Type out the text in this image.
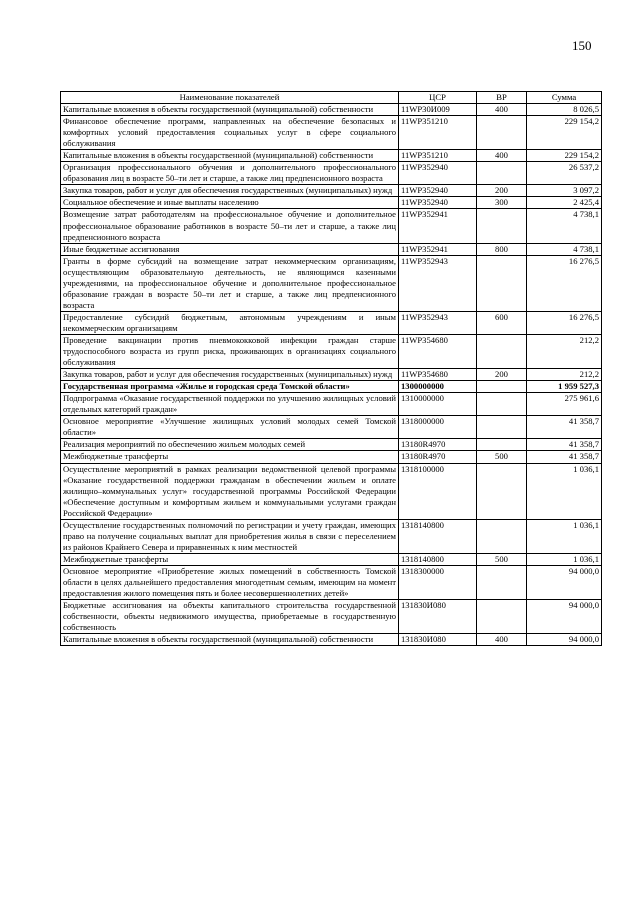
150
Наименование показателей	ЦСР	ВР	Сумма
Капитальные вложения в объекты государственной (муниципальной) собственности	11WP30И009	400	8 026,5
Финансовое обеспечение программ, направленных на обеспечение безопасных и комфортных условий предоставления социальных услуг в сфере социального обслуживания	11WP351210		229 154,2
Капитальные вложения в объекты государственной (муниципальной) собственности	11WP351210	400	229 154,2
Организация профессионального обучения и дополнительного профессионального образования лиц в возрасте 50–ти лет и старше, а также лиц предпенсионного возраста	11WP352940		26 537,2
Закупка товаров, работ и услуг для обеспечения государственных (муниципальных) нужд	11WP352940	200	3 097,2
Социальное обеспечение и иные выплаты населению	11WP352940	300	2 425,4
Возмещение затрат работодателям на профессиональное обучение и дополнительное профессиональное образование работников в возрасте 50–ти лет и старше, а также лиц предпенсионного возраста	11WP352941		4 738,1
Иные бюджетные ассигнования	11WP352941	800	4 738,1
Гранты в форме субсидий на возмещение затрат некоммерческим организациям, осуществляющим образовательную деятельность, не являющимся казенными учреждениями, на профессиональное обучение и дополнительное профессиональное образование граждан в возрасте 50–ти лет и старше, а также лиц предпенсионного возраста	11WP352943		16 276,5
Предоставление субсидий бюджетным, автономным учреждениям и иным некоммерческим организациям	11WP352943	600	16 276,5
Проведение вакцинации против пневмококковой инфекции граждан старше трудоспособного возраста из групп риска, проживающих в организациях социального обслуживания	11WP354680		212,2
Закупка товаров, работ и услуг для обеспечения государственных (муниципальных) нужд	11WP354680	200	212,2
Государственная программа «Жилье и городская среда Томской области»	1300000000		1 959 527,3
Подпрограмма «Оказание государственной поддержки по улучшению жилищных условий отдельных категорий граждан»	1310000000		275 961,6
Основное мероприятие «Улучшение жилищных условий молодых семей Томской области»	1318000000		41 358,7
Реализация мероприятий по обеспечению жильем молодых семей	13180R4970		41 358,7
Межбюджетные трансферты	13180R4970	500	41 358,7
Осуществление мероприятий в рамках реализации ведомственной целевой программы «Оказание государственной поддержки гражданам в обеспечении жильем и оплате жилищно–коммунальных услуг» государственной программы Российской Федерации «Обеспечение доступным и комфортным жильем и коммунальными услугами граждан Российской Федерации»	1318100000		1 036,1
Осуществление государственных полномочий по регистрации и учету граждан, имеющих право на получение социальных выплат для приобретения жилья в связи с переселением из районов Крайнего Севера и приравненных к ним местностей	1318140800		1 036,1
Межбюджетные трансферты	1318140800	500	1 036,1
Основное мероприятие «Приобретение жилых помещений в собственность Томской области в целях дальнейшего предоставления многодетным семьям, имеющим на момент предоставления жилого помещения пять и более несовершеннолетних детей»	1318300000		94 000,0
Бюджетные ассигнования на объекты капитального строительства государственной собственности, объекты недвижимого имущества, приобретаемые в государственную собственность	131830И080		94 000,0
Капитальные вложения в объекты государственной (муниципальной) собственности	131830И080	400	94 000,0
